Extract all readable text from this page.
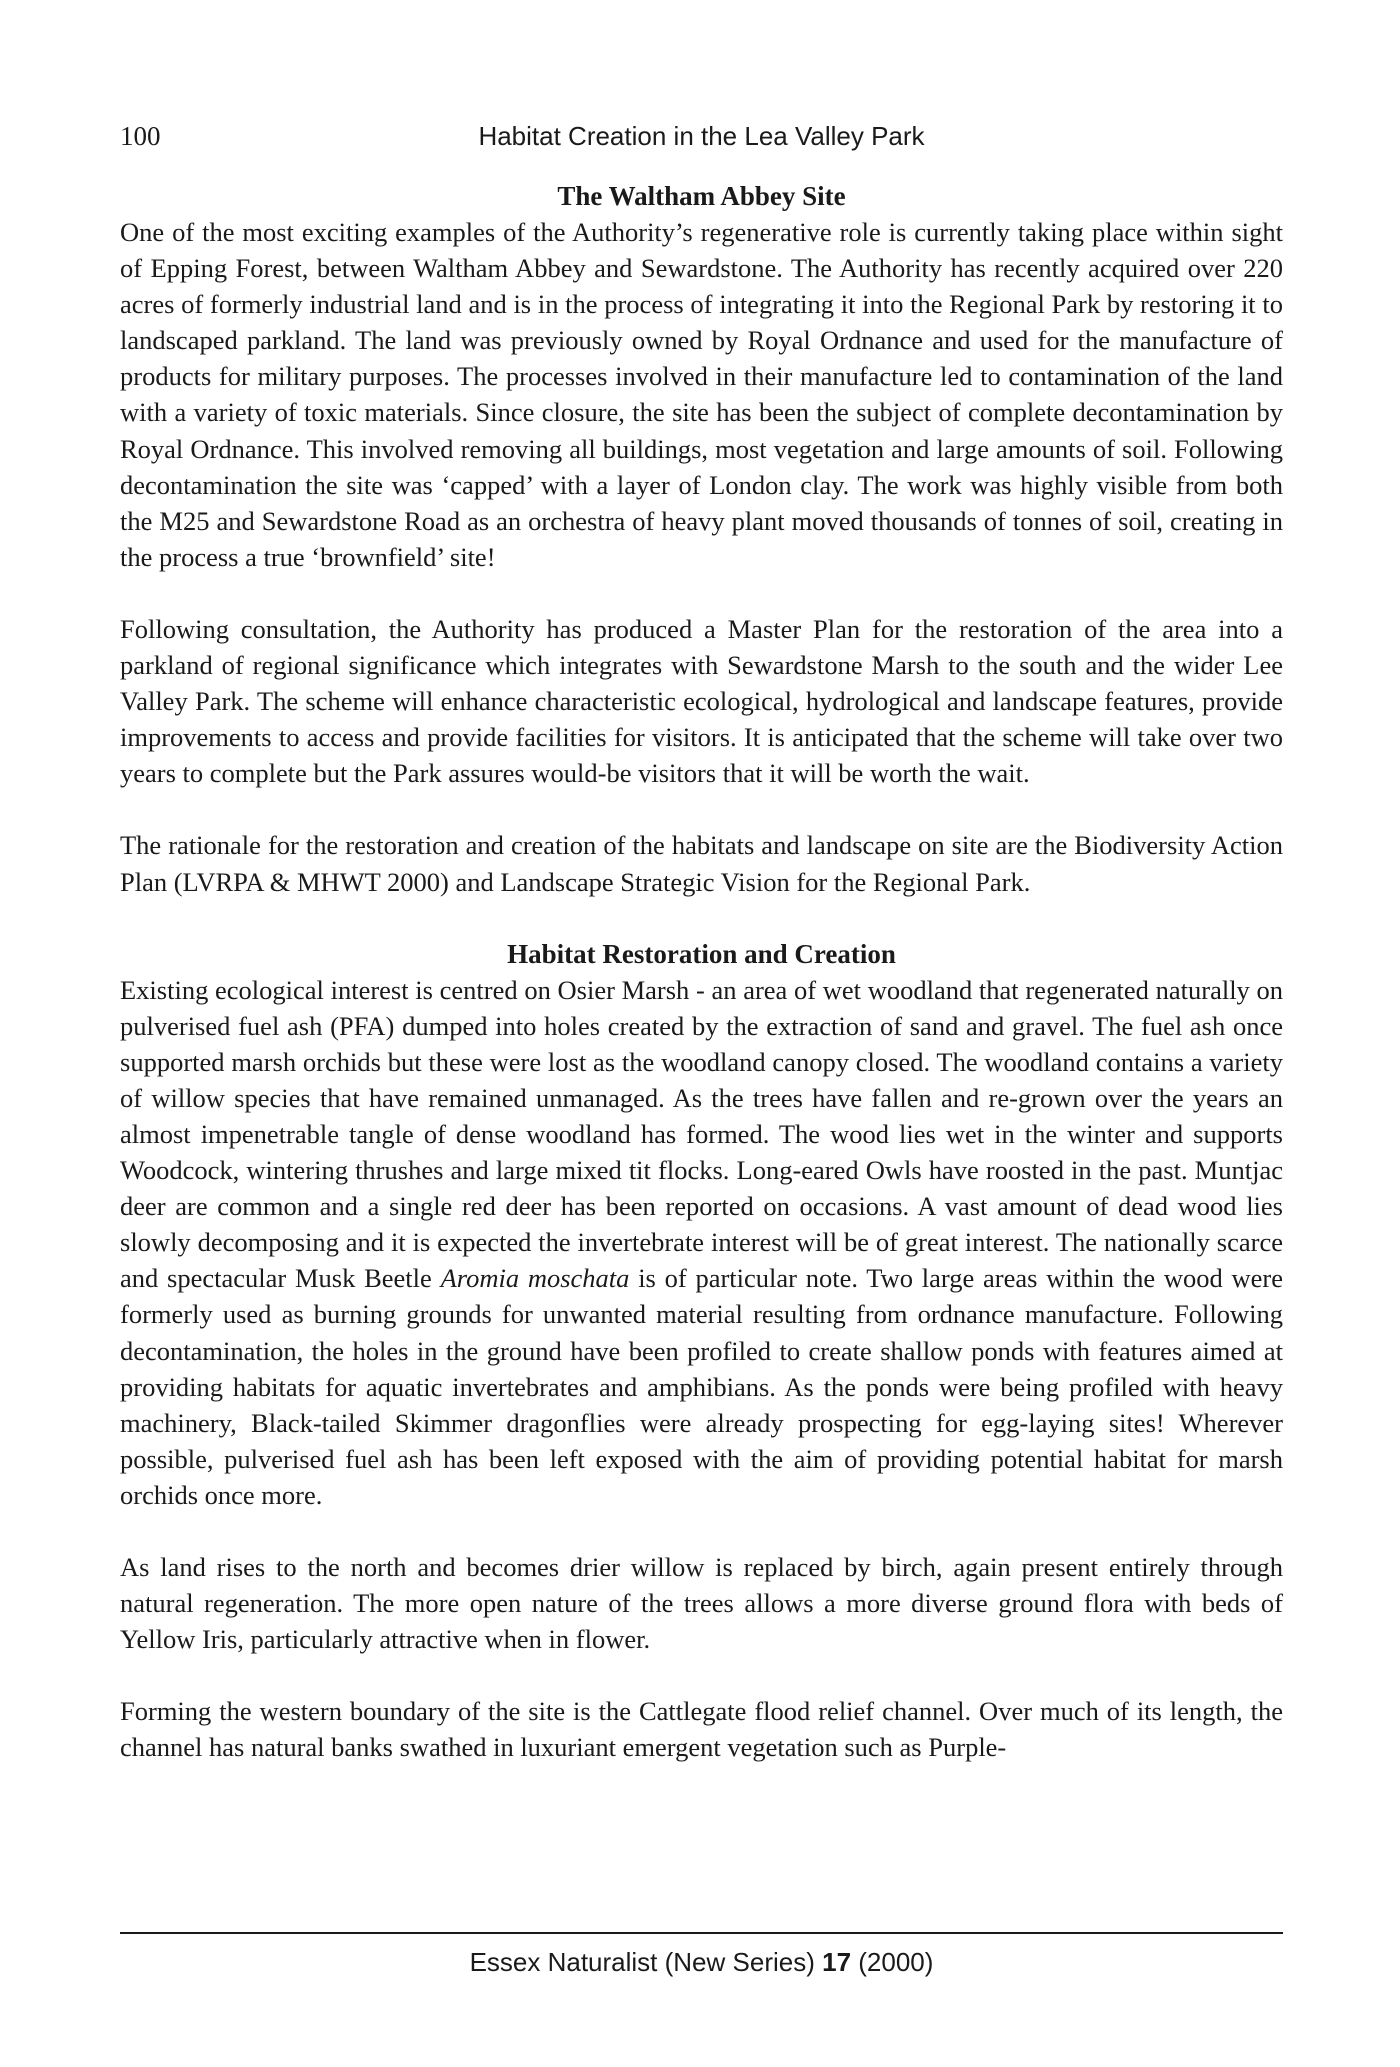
100	Habitat Creation in the Lea Valley Park
The Waltham Abbey Site

One of the most exciting examples of the Authority’s regenerative role is currently taking place within sight of Epping Forest, between Waltham Abbey and Sewardstone. The Authority has recently acquired over 220 acres of formerly industrial land and is in the process of integrating it into the Regional Park by restoring it to landscaped parkland. The land was previously owned by Royal Ordnance and used for the manufacture of products for military purposes. The processes involved in their manufacture led to contamination of the land with a variety of toxic materials. Since closure, the site has been the subject of complete decontamination by Royal Ordnance. This involved removing all buildings, most vegetation and large amounts of soil. Following decontamination the site was ‘capped’ with a layer of London clay. The work was highly visible from both the M25 and Sewardstone Road as an orchestra of heavy plant moved thousands of tonnes of soil, creating in the process a true ‘brownfield’ site!

Following consultation, the Authority has produced a Master Plan for the restoration of the area into a parkland of regional significance which integrates with Sewardstone Marsh to the south and the wider Lee Valley Park. The scheme will enhance characteristic ecological, hydrological and landscape features, provide improvements to access and provide facilities for visitors. It is anticipated that the scheme will take over two years to complete but the Park assures would-be visitors that it will be worth the wait.

The rationale for the restoration and creation of the habitats and landscape on site are the Biodiversity Action Plan (LVRPA & MHWT 2000) and Landscape Strategic Vision for the Regional Park.

Habitat Restoration and Creation

Existing ecological interest is centred on Osier Marsh - an area of wet woodland that regenerated naturally on pulverised fuel ash (PFA) dumped into holes created by the extraction of sand and gravel. The fuel ash once supported marsh orchids but these were lost as the woodland canopy closed. The woodland contains a variety of willow species that have remained unmanaged. As the trees have fallen and re-grown over the years an almost impenetrable tangle of dense woodland has formed. The wood lies wet in the winter and supports Woodcock, wintering thrushes and large mixed tit flocks. Long-eared Owls have roosted in the past. Muntjac deer are common and a single red deer has been reported on occasions. A vast amount of dead wood lies slowly decomposing and it is expected the invertebrate interest will be of great interest. The nationally scarce and spectacular Musk Beetle Aromia moschata is of particular note. Two large areas within the wood were formerly used as burning grounds for unwanted material resulting from ordnance manufacture. Following decontamination, the holes in the ground have been profiled to create shallow ponds with features aimed at providing habitats for aquatic invertebrates and amphibians. As the ponds were being profiled with heavy machinery, Black-tailed Skimmer dragonflies were already prospecting for egg-laying sites! Wherever possible, pulverised fuel ash has been left exposed with the aim of providing potential habitat for marsh orchids once more.

As land rises to the north and becomes drier willow is replaced by birch, again present entirely through natural regeneration. The more open nature of the trees allows a more diverse ground flora with beds of Yellow Iris, particularly attractive when in flower.

Forming the western boundary of the site is the Cattlegate flood relief channel. Over much of its length, the channel has natural banks swathed in luxuriant emergent vegetation such as Purple-

Essex Naturalist (New Series) 17 (2000)
